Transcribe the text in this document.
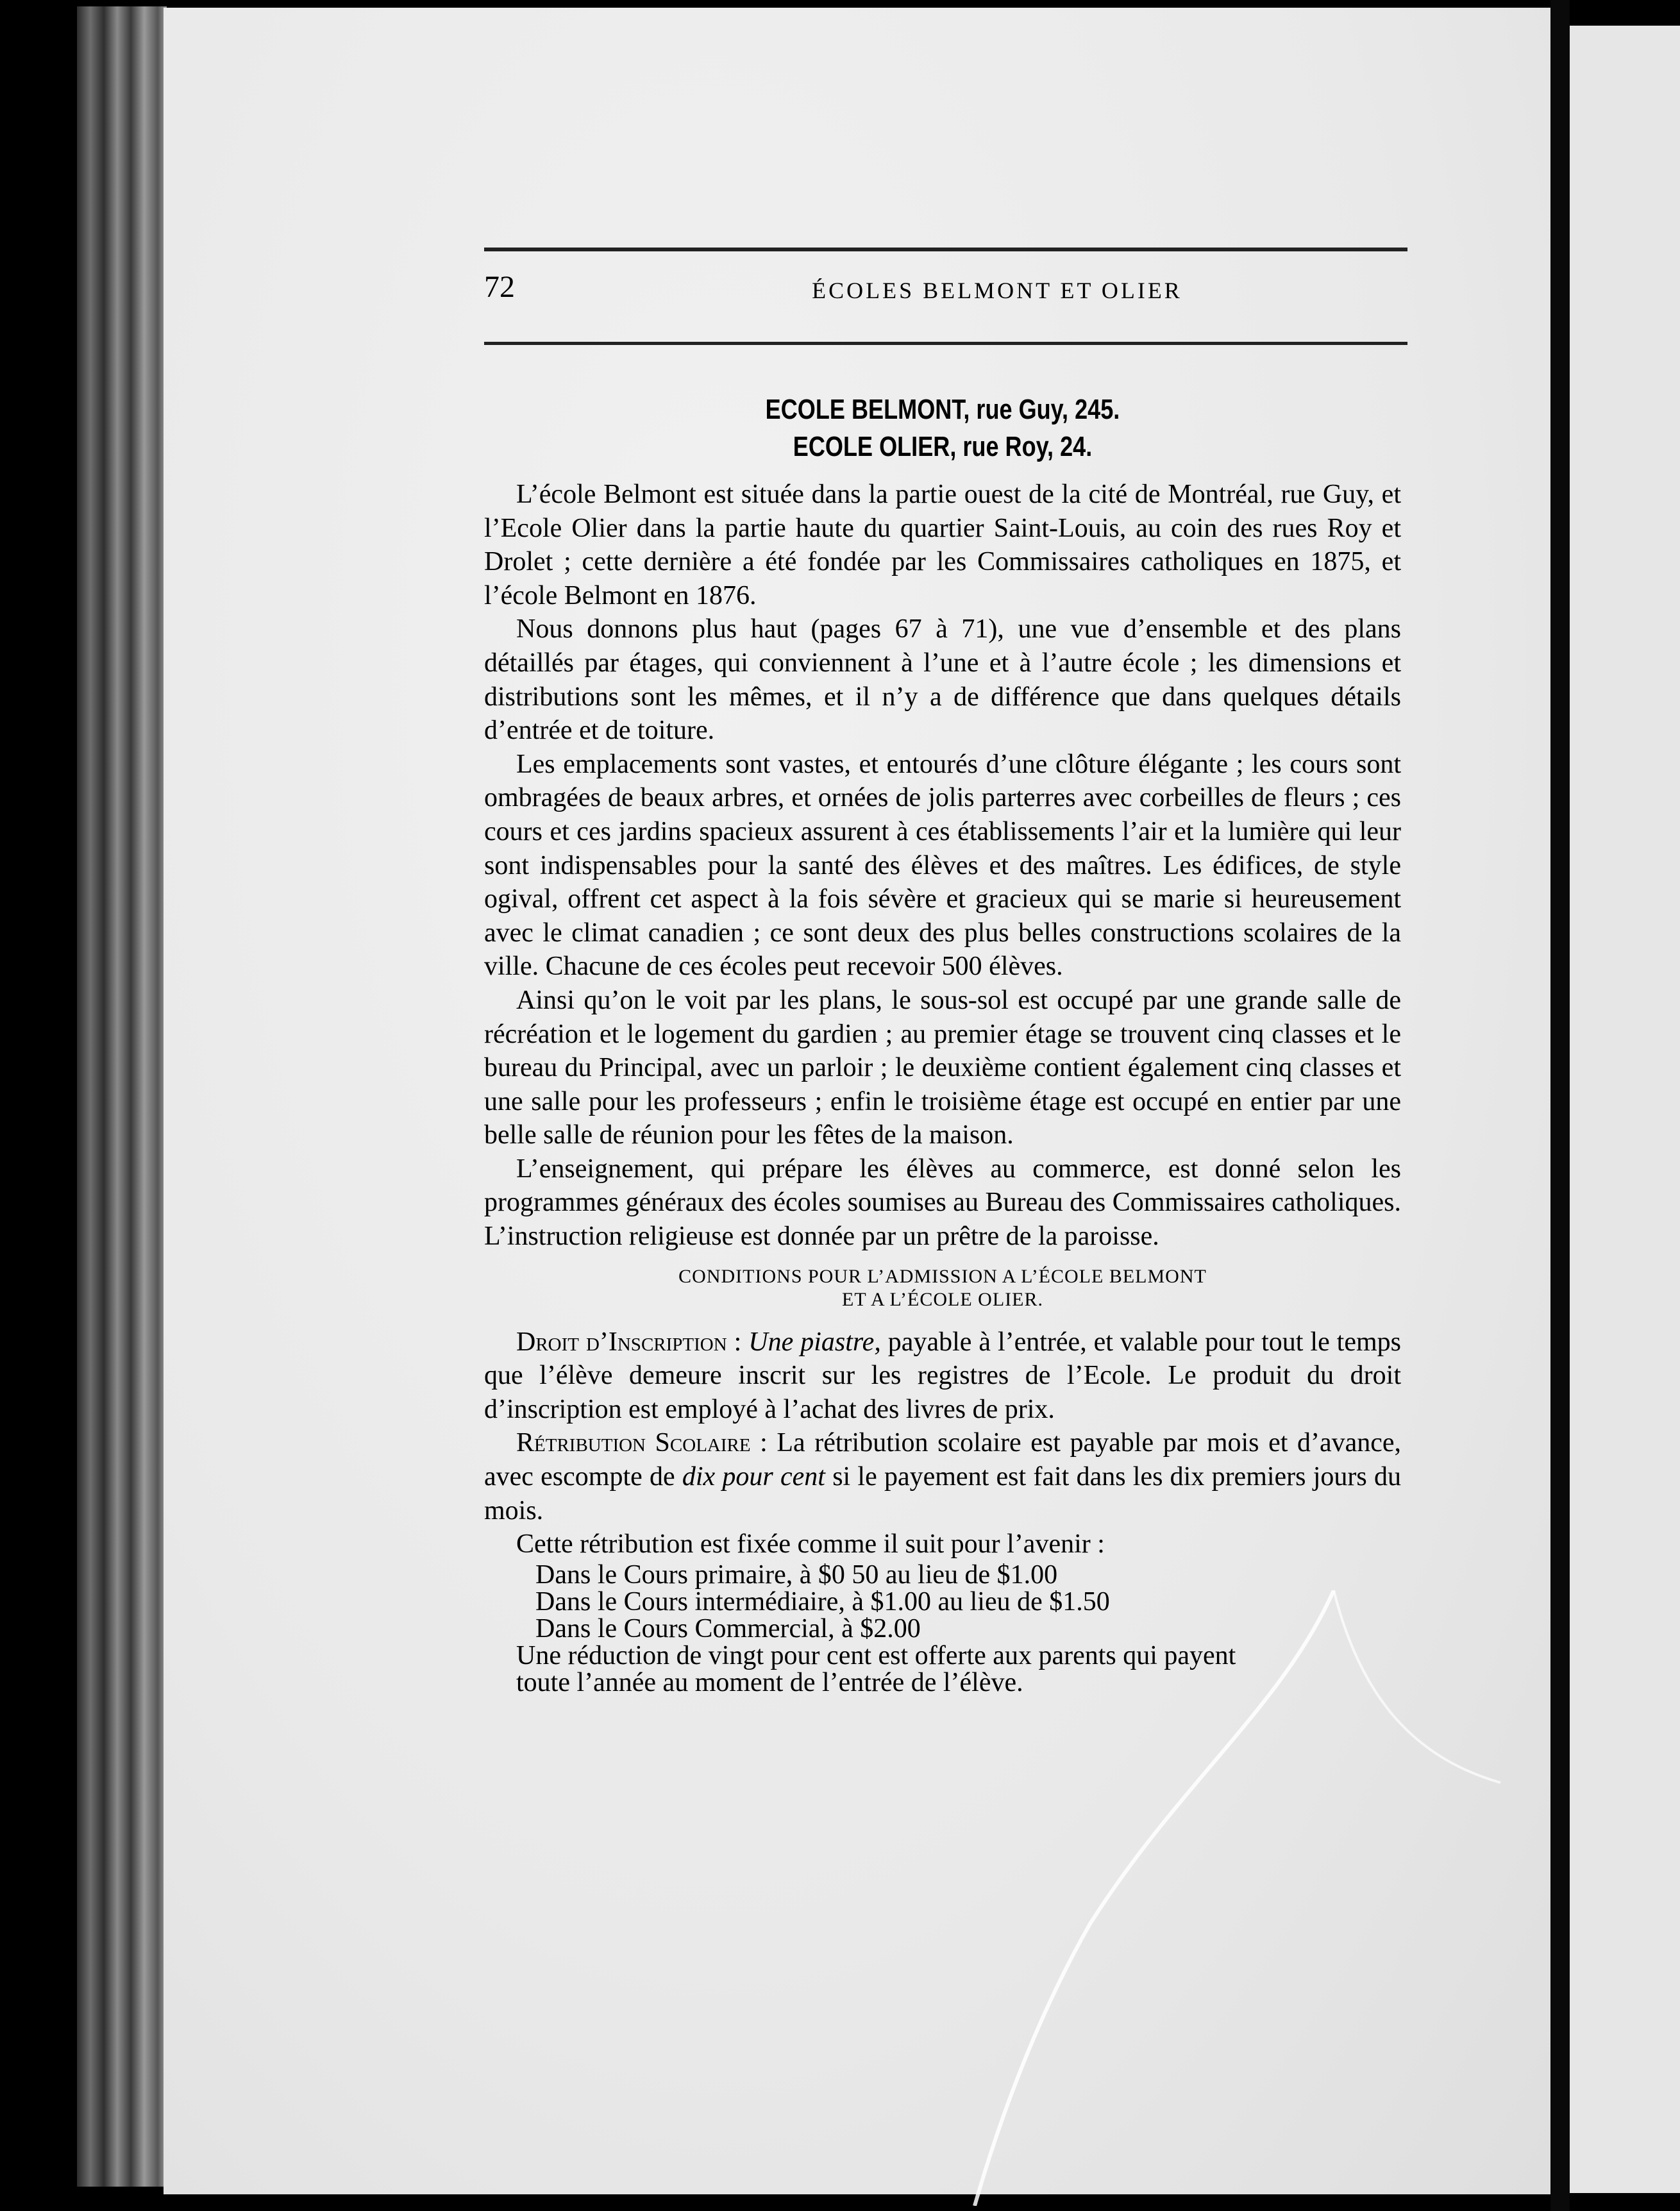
72	ÉCOLES BELMONT ET OLIER
ECOLE BELMONT, rue Guy, 245.
ECOLE OLIER, rue Roy, 24.

L’école Belmont est située dans la partie ouest de la cité de Montréal, rue Guy, et l’Ecole Olier dans la partie haute du quartier Saint-Louis, au coin des rues Roy et Drolet ; cette dernière a été fondée par les Commissaires catholiques en 1875, et l’école Belmont en 1876.

Nous donnons plus haut (pages 67 à 71), une vue d’ensemble et des plans détaillés par étages, qui conviennent à l’une et à l’autre école ; les dimensions et distributions sont les mêmes, et il n’y a de différence que dans quelques détails d’entrée et de toiture.

Les emplacements sont vastes, et entourés d’une clôture élégante ; les cours sont ombragées de beaux arbres, et ornées de jolis parterres avec corbeilles de fleurs ; ces cours et ces jardins spacieux assurent à ces établissements l’air et la lumière qui leur sont indispensables pour la santé des élèves et des maîtres. Les édifices, de style ogival, offrent cet aspect à la fois sévère et gracieux qui se marie si heureusement avec le climat canadien ; ce sont deux des plus belles constructions scolaires de la ville. Chacune de ces écoles peut recevoir 500 élèves.

Ainsi qu’on le voit par les plans, le sous-sol est occupé par une grande salle de récréation et le logement du gardien ; au premier étage se trouvent cinq classes et le bureau du Principal, avec un parloir ; le deuxième contient également cinq classes et une salle pour les professeurs ; enfin le troisième étage est occupé en entier par une belle salle de réunion pour les fêtes de la maison.

L’enseignement, qui prépare les élèves au commerce, est donné selon les programmes généraux des écoles soumises au Bureau des Commissaires catholiques. L’instruction religieuse est donnée par un prêtre de la paroisse.

CONDITIONS POUR L’ADMISSION A L’ÉCOLE BELMONT
ET A L’ÉCOLE OLIER.

Droit d’Inscription : Une piastre, payable à l’entrée, et valable pour tout le temps que l’élève demeure inscrit sur les registres de l’Ecole. Le produit du droit d’inscription est employé à l’achat des livres de prix.

Rétribution Scolaire : La rétribution scolaire est payable par mois et d’avance, avec escompte de dix pour cent si le payement est fait dans les dix premiers jours du mois.

Cette rétribution est fixée comme il suit pour l’avenir :

Dans le Cours primaire, à $0 50 au lieu de $1.00

Dans le Cours intermédiaire, à $1.00 au lieu de $1.50

Dans le Cours Commercial, à $2.00

Une réduction de vingt pour cent est offerte aux parents qui payent

toute l’année au moment de l’entrée de l’élève.
